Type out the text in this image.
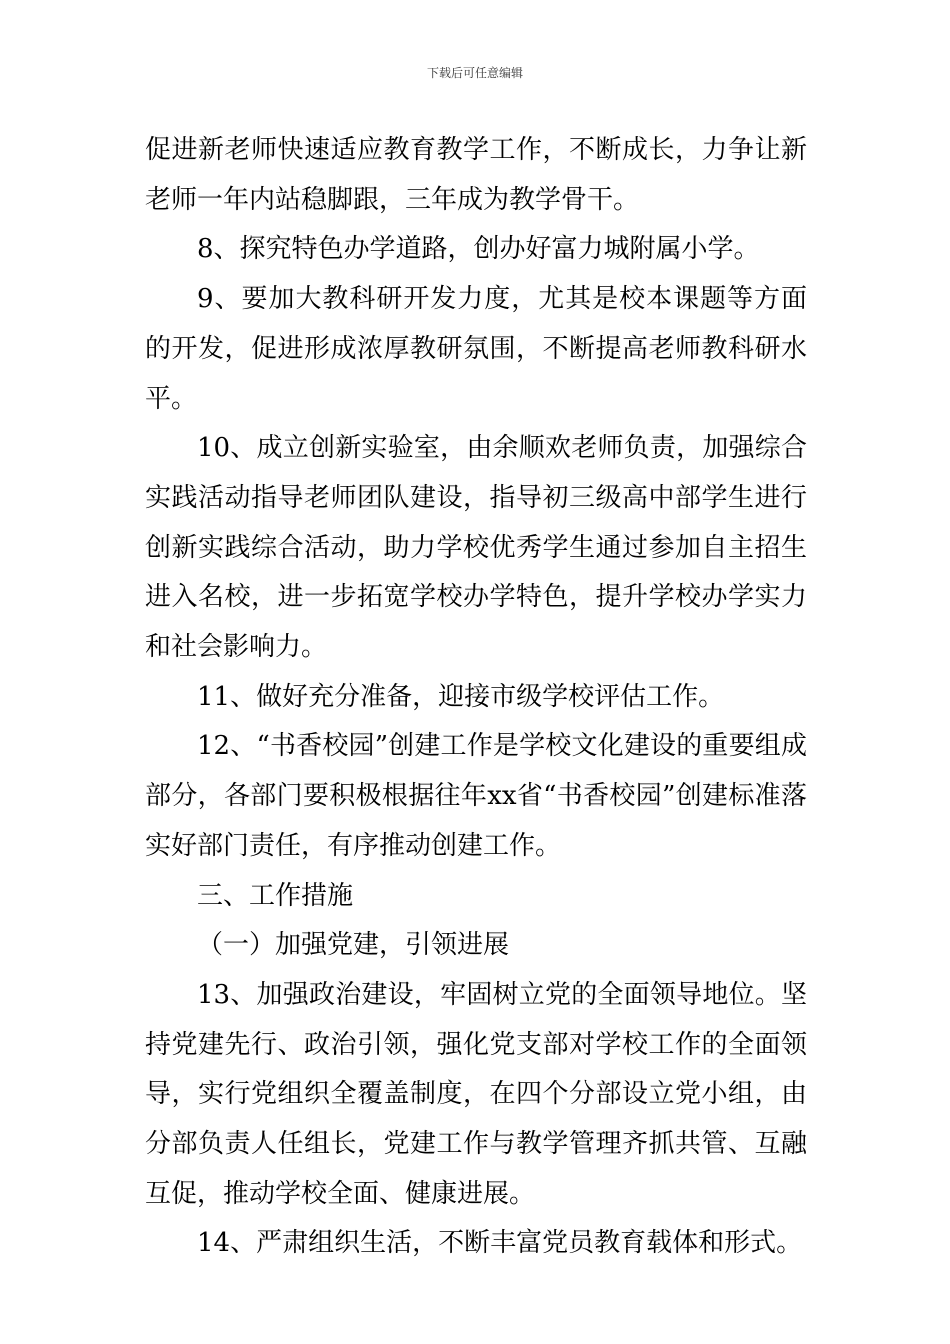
下载后可任意编辑

促进新老师快速适应教育教学工作，不断成长，力争让新老师一年内站稳脚跟，三年成为教学骨干。

8、探究特色办学道路，创办好富力城附属小学。

9、要加大教科研开发力度，尤其是校本课题等方面的开发，促进形成浓厚教研氛围，不断提高老师教科研水平。

10、成立创新实验室，由余顺欢老师负责，加强综合实践活动指导老师团队建设，指导初三级高中部学生进行创新实践综合活动，助力学校优秀学生通过参加自主招生进入名校，进一步拓宽学校办学特色，提升学校办学实力和社会影响力。

11、做好充分准备，迎接市级学校评估工作。

12、“书香校园”创建工作是学校文化建设的重要组成部分，各部门要积极根据往年xx省“书香校园”创建标准落实好部门责任，有序推动创建工作。

三、工作措施

（一）加强党建，引领进展

13、加强政治建设，牢固树立党的全面领导地位。坚持党建先行、政治引领，强化党支部对学校工作的全面领导，实行党组织全覆盖制度，在四个分部设立党小组，由分部负责人任组长，党建工作与教学管理齐抓共管、互融互促，推动学校全面、健康进展。

14、严肃组织生活，不断丰富党员教育载体和形式。
